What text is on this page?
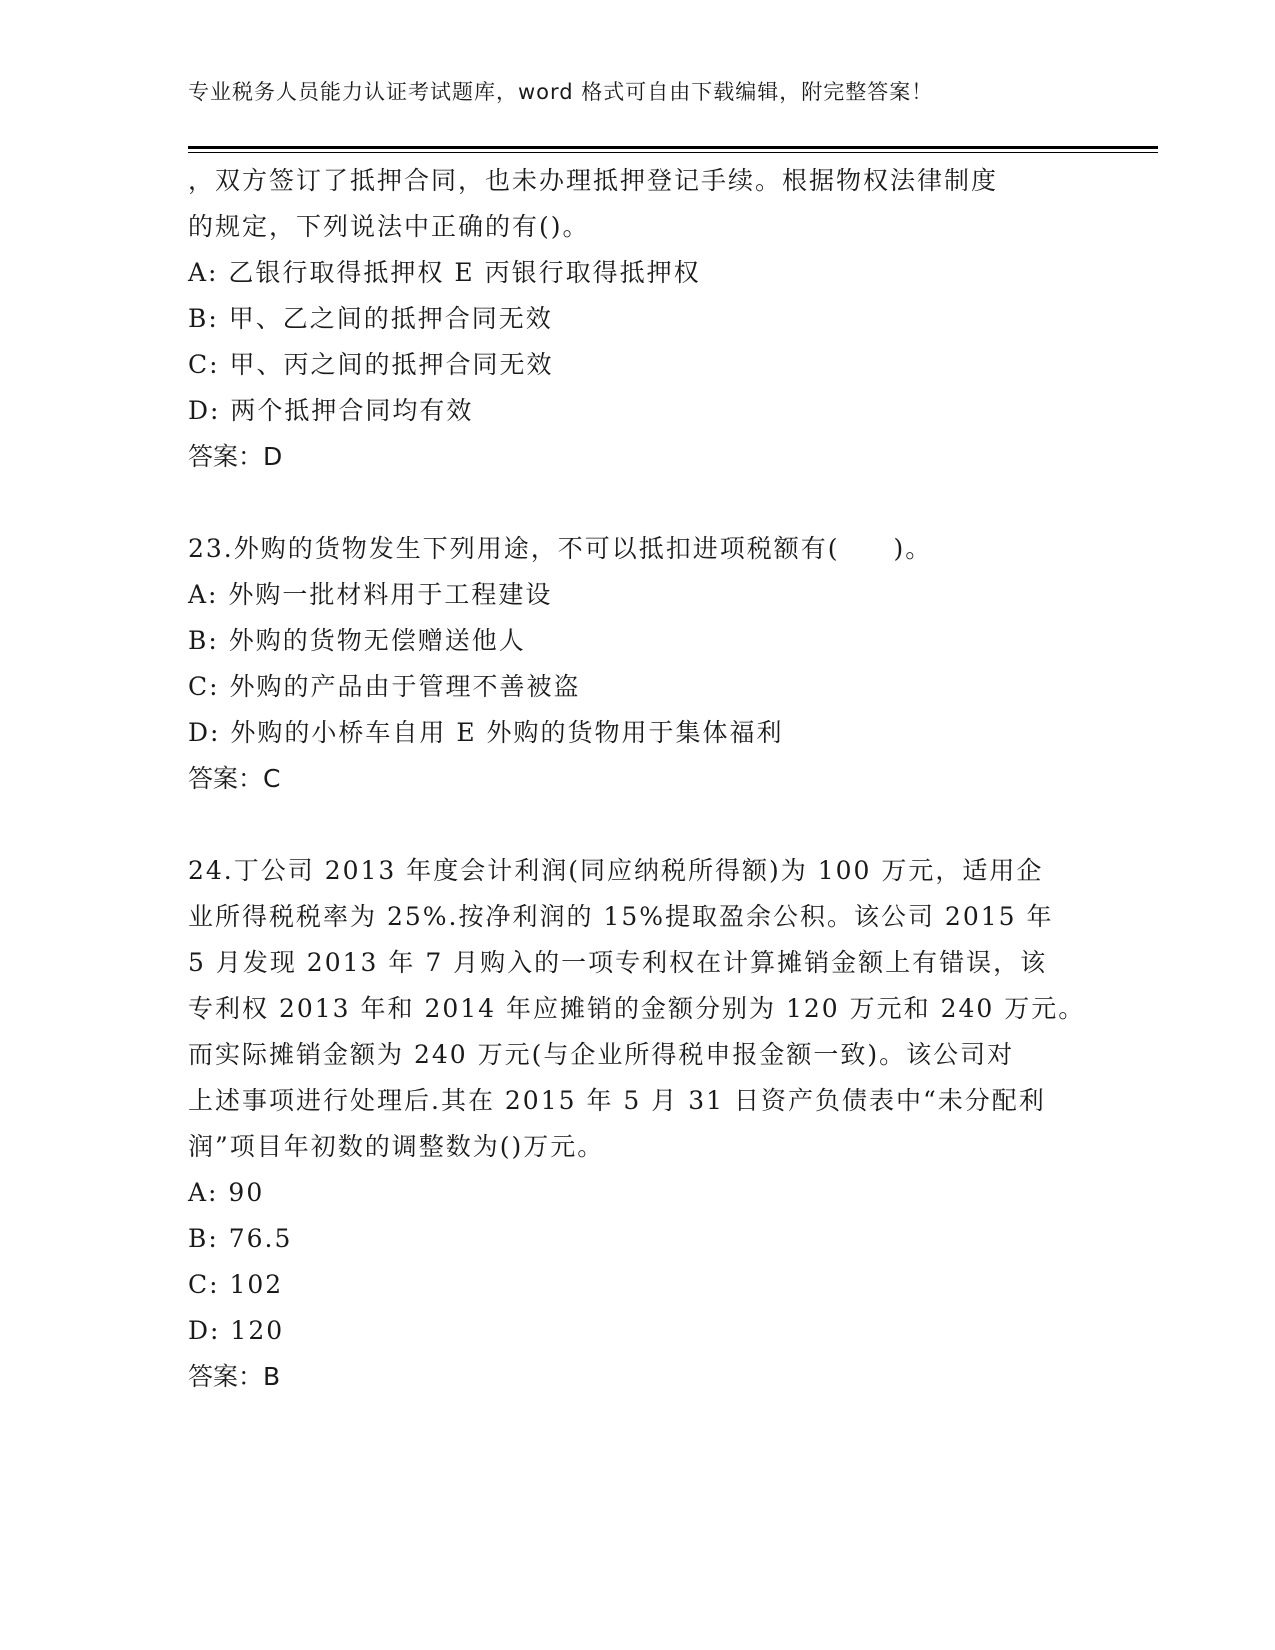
专业税务人员能力认证考试题库，word 格式可自由下载编辑，附完整答案！
，双方签订了抵押合同，也未办理抵押登记手续。根据物权法律制度
的规定，下列说法中正确的有()。
A: 乙银行取得抵押权 E 丙银行取得抵押权
B: 甲、乙之间的抵押合同无效
C: 甲、丙之间的抵押合同无效
D: 两个抵押合同均有效
答案：D
23.外购的货物发生下列用途，不可以抵扣进项税额有(　　)。
A: 外购一批材料用于工程建设
B: 外购的货物无偿赠送他人
C: 外购的产品由于管理不善被盗
D: 外购的小桥车自用 E 外购的货物用于集体福利
答案：C
24.丁公司 2013 年度会计利润(同应纳税所得额)为 100 万元，适用企
业所得税税率为 25%.按净利润的 15%提取盈余公积。该公司 2015 年
5 月发现 2013 年 7 月购入的一项专利权在计算摊销金额上有错误，该
专利权 2013 年和 2014 年应摊销的金额分别为 120 万元和 240 万元。
而实际摊销金额为 240 万元(与企业所得税申报金额一致)。该公司对
上述事项进行处理后.其在 2015 年 5 月 31 日资产负债表中“未分配利
润”项目年初数的调整数为()万元。
A: 90
B: 76.5
C: 102
D: 120
答案：B
